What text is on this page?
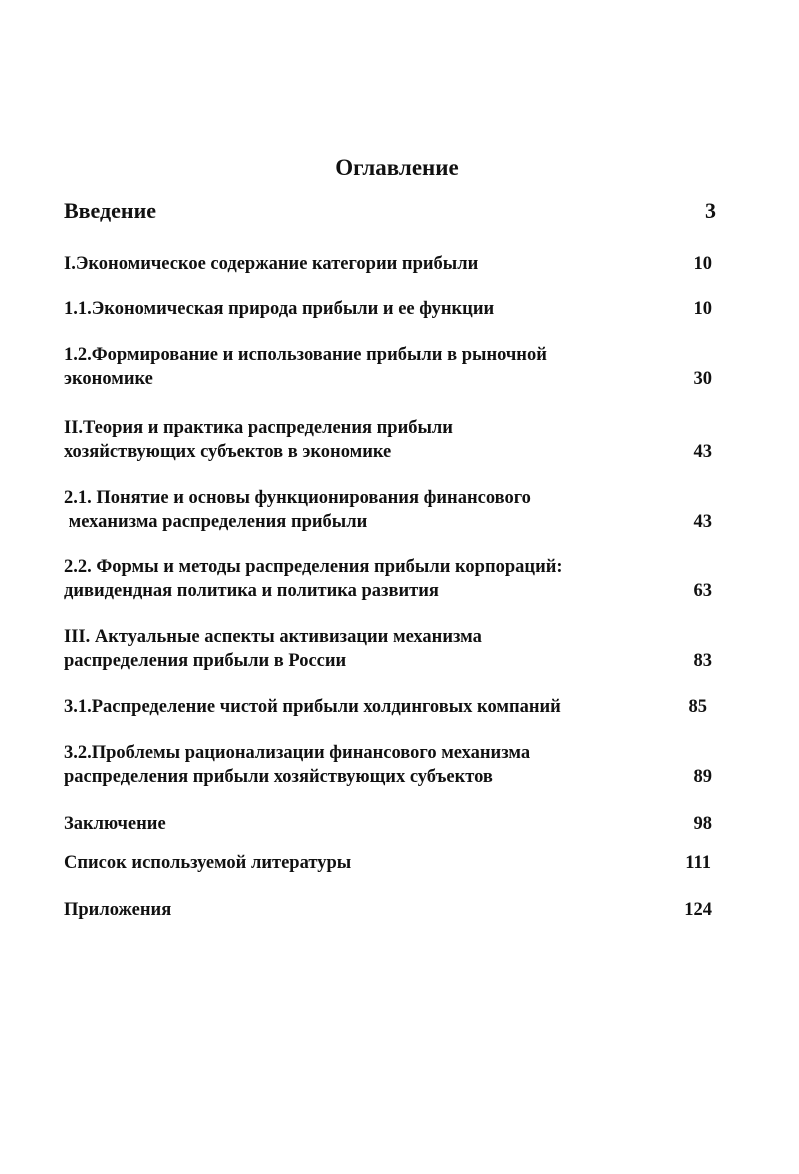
Оглавление
Введение	3
I.Экономическое содержание категории прибыли	10
1.1.Экономическая природа прибыли и ее функции	10
1.2.Формирование и использование прибыли в рыночной
экономике	30
II.Теория и практика распределения прибыли
хозяйствующих субъектов в экономике	43
2.1. Понятие и основы функционирования финансового
механизма распределения прибыли	43
2.2. Формы и методы распределения прибыли корпораций:
дивидендная политика и политика развития	63
III. Актуальные аспекты активизации механизма
распределения прибыли в России	83
3.1.Распределение чистой прибыли холдинговых компаний	85
3.2.Проблемы рационализации финансового механизма
распределения прибыли хозяйствующих субъектов	89
Заключение	98
Список используемой литературы	111
Приложения	124
